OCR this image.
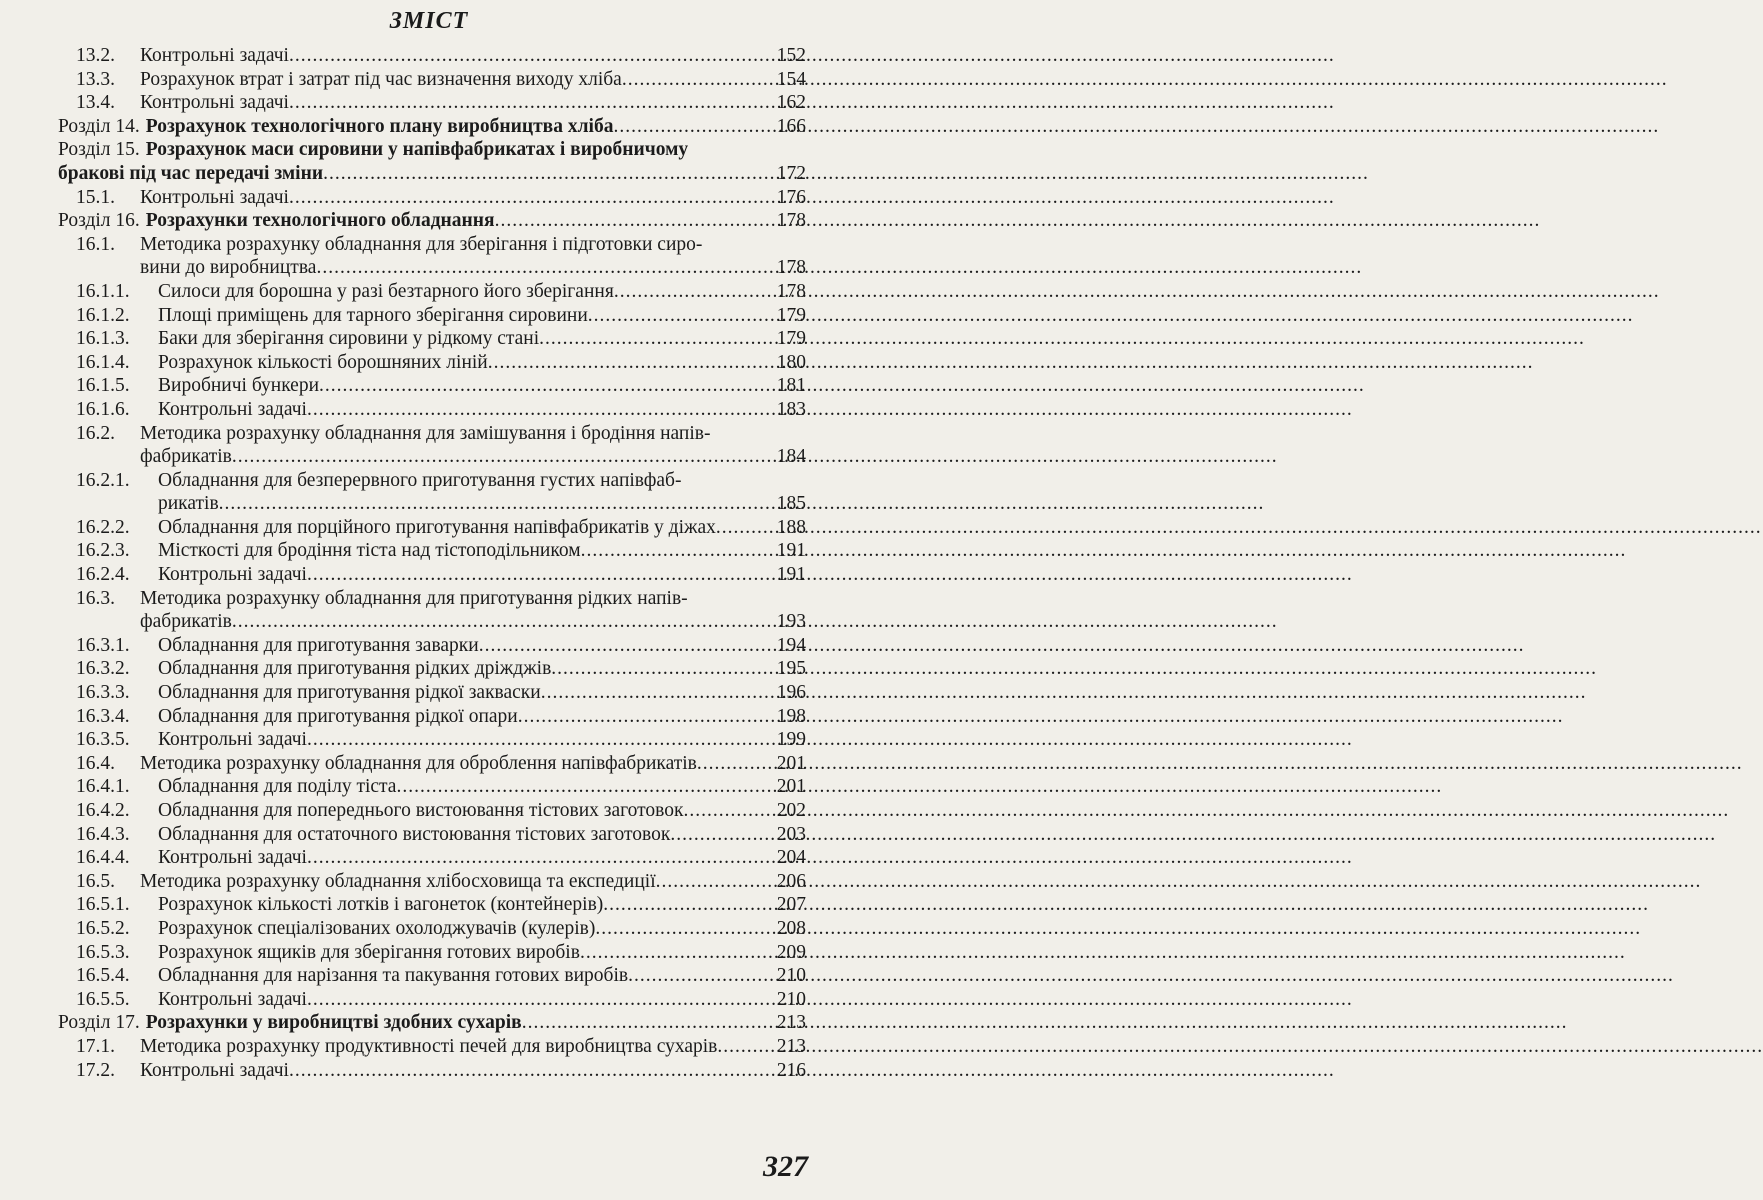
ЗМІСТ
13.2.	Контрольні задачі .....	152
13.3.	Розрахунок втрат і затрат під час визначення виходу хліба .....	154
13.4.	Контрольні задачі .....	162
Розділ 14. Розрахунок технологічного плану виробництва хліба .....	166
Розділ 15. Розрахунок маси сировини у напівфабрикатах і виробничому
бракові під час передачі зміни .....	172
15.1.	Контрольні задачі .....	176
Розділ 16. Розрахунки технологічного обладнання .....	178
16.1.	Методика розрахунку обладнання для зберігання і підготовки сиро-
вини до виробництва .....	178
16.1.1.	Силоси для борошна у разі безтарного його зберігання .....	178
16.1.2.	Площі приміщень для тарного зберігання сировини .....	179
16.1.3.	Баки для зберігання сировини у рідкому стані .....	179
16.1.4.	Розрахунок кількості борошняних ліній .....	180
16.1.5.	Виробничі бункери .....	181
16.1.6.	Контрольні задачі .....	183
16.2.	Методика розрахунку обладнання для замішування і бродіння напів-
фабрикатів .....	184
16.2.1.	Обладнання для безперервного приготування густих напівфаб-
рикатів .....	185
16.2.2.	Обладнання для порційного приготування напівфабрикатів у діжах .....	188
16.2.3.	Місткості для бродіння тіста над тістоподільником .....	191
16.2.4.	Контрольні задачі .....	191
16.3.	Методика розрахунку обладнання для приготування рідких напів-
фабрикатів .....	193
16.3.1.	Обладнання для приготування заварки .....	194
16.3.2.	Обладнання для приготування рідких дріжджів .....	195
16.3.3.	Обладнання для приготування рідкої закваски .....	196
16.3.4.	Обладнання для приготування рідкої опари .....	198
16.3.5.	Контрольні задачі .....	199
16.4.	Методика розрахунку обладнання для оброблення напівфабрикатів .....	201
16.4.1.	Обладнання для поділу тіста .....	201
16.4.2.	Обладнання для попереднього вистоювання тістових заготовок .....	202
16.4.3.	Обладнання для остаточного вистоювання тістових заготовок .....	203
16.4.4.	Контрольні задачі .....	204
16.5.	Методика розрахунку обладнання хлібосховища та експедиції .....	206
16.5.1.	Розрахунок кількості лотків і вагонеток (контейнерів) .....	207
16.5.2.	Розрахунок спеціалізованих охолоджувачів (кулерів) .....	208
16.5.3.	Розрахунок ящиків для зберігання готових виробів .....	209
16.5.4.	Обладнання для нарізання та пакування готових виробів .....	210
16.5.5.	Контрольні задачі .....	210
Розділ 17. Розрахунки у виробництві здобних сухарів .....	213
17.1.	Методика розрахунку продуктивності печей для виробництва сухарів .....	213
17.2.	Контрольні задачі .....	216
327
